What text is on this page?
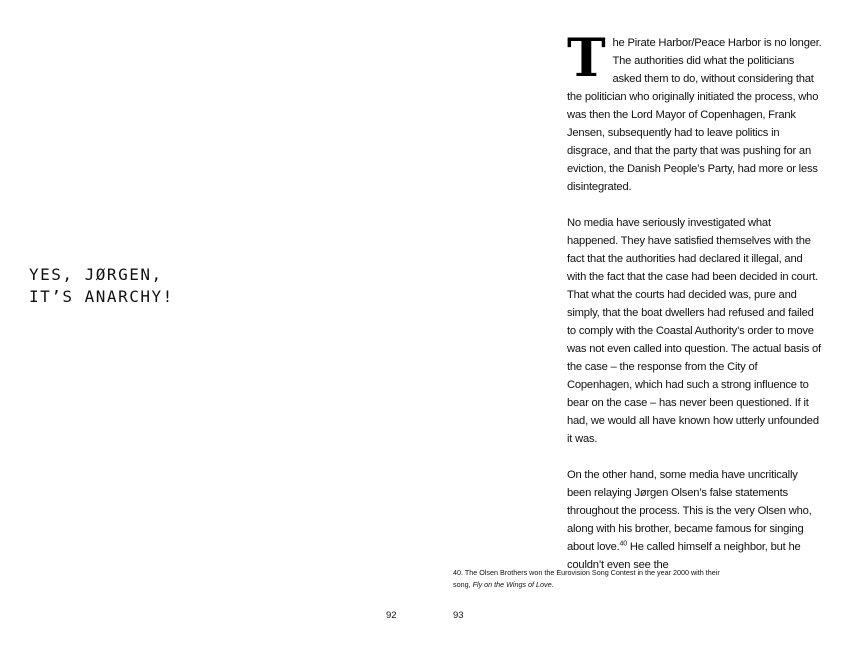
YES, JØRGEN,
IT’S ANARCHY!
92

The Pirate Harbor/Peace Harbor is no longer. The authorities did what the politicians asked them to do, without considering that the politician who originally initiated the process, who was then the Lord Mayor of Copenhagen, Frank Jensen, subsequently had to leave politics in disgrace, and that the party that was pushing for an eviction, the Danish People’s Party, had more or less disintegrated.

No media have seriously investigated what happened. They have satisfied themselves with the fact that the authorities had declared it illegal, and with the fact that the case had been decided in court. That what the courts had decided was, pure and simply, that the boat dwellers had refused and failed to comply with the Coastal Authority’s order to move was not even called into question. The actual basis of the case – the response from the City of Copenhagen, which had such a strong influence to bear on the case – has never been questioned. If it had, we would all have known how utterly unfounded it was.

On the other hand, some media have uncritically been relaying Jørgen Olsen’s false statements throughout the process. This is the very Olsen who, along with his brother, became famous for singing about love.$^{40}$ He called himself a neighbor, but he couldn’t even see the

40. The Olsen Brothers won the Eurovision Song Contest in the year 2000 with their song, Fly on the Wings of Love.
93
